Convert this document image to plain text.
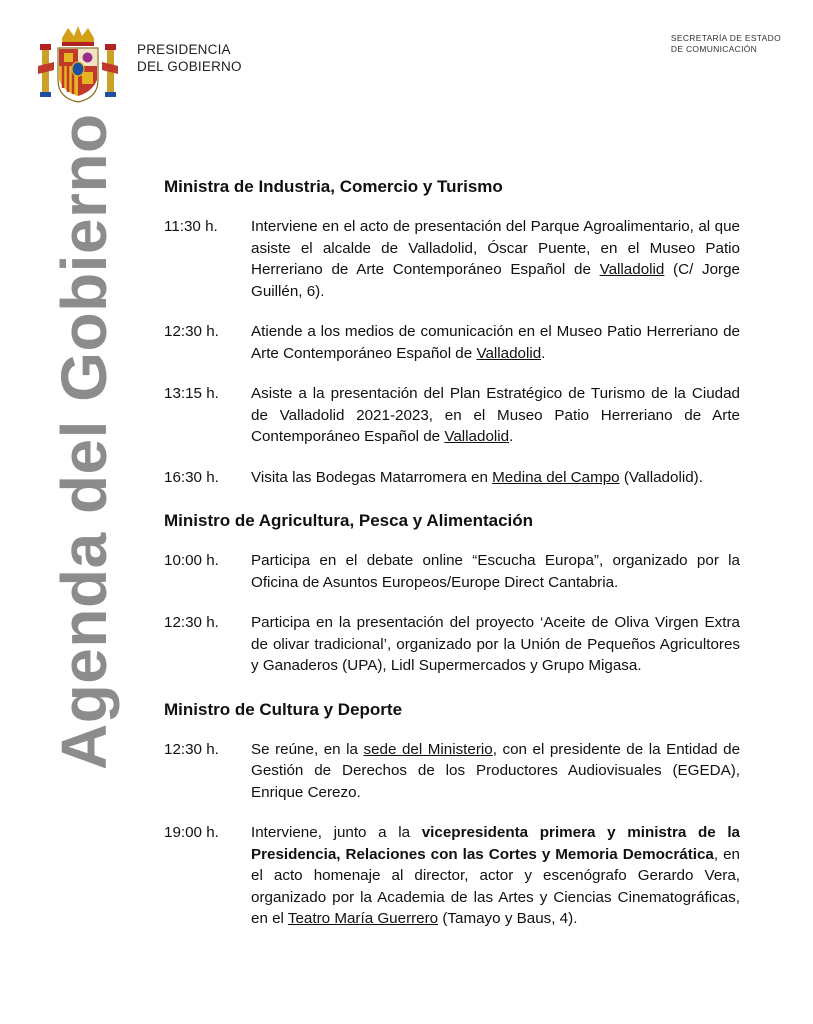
PRESIDENCIA
DEL GOBIERNO
SECRETARÍA DE ESTADO
DE COMUNICACIÓN
Agenda del Gobierno	Ministra de Industria, Comercio y Turismo
11:30 h.	Interviene en el acto de presentación del Parque Agroalimentario, al que asiste el alcalde de Valladolid, Óscar Puente, en el Museo Patio Herreriano de Arte Contemporáneo Español de Valladolid (C/ Jorge Guillén, 6).
12:30 h.	Atiende a los medios de comunicación en el Museo Patio Herreriano de Arte Contemporáneo Español de Valladolid.
13:15 h.	Asiste a la presentación del Plan Estratégico de Turismo de la Ciudad de Valladolid 2021-2023, en el Museo Patio Herreriano de Arte Contemporáneo Español de Valladolid.
16:30 h.	Visita las Bodegas Matarromera en Medina del Campo (Valladolid).
Ministro de Agricultura, Pesca y Alimentación
10:00 h.	Participa en el debate online “Escucha Europa”, organizado por la Oficina de Asuntos Europeos/Europe Direct Cantabria.
12:30 h.	Participa en la presentación del proyecto ‘Aceite de Oliva Virgen Extra de olivar tradicional’, organizado por la Unión de Pequeños Agricultores y Ganaderos (UPA), Lidl Supermercados y Grupo Migasa.
Ministro de Cultura y Deporte
12:30 h.	Se reúne, en la sede del Ministerio, con el presidente de la Entidad de Gestión de Derechos de los Productores Audiovisuales (EGEDA), Enrique Cerezo.
19:00 h.	Interviene, junto a la vicepresidenta primera y ministra de la Presidencia, Relaciones con las Cortes y Memoria Democrática, en el acto homenaje al director, actor y escenógrafo Gerardo Vera, organizado por la Academia de las Artes y Ciencias Cinematográficas, en el Teatro María Guerrero (Tamayo y Baus, 4).
